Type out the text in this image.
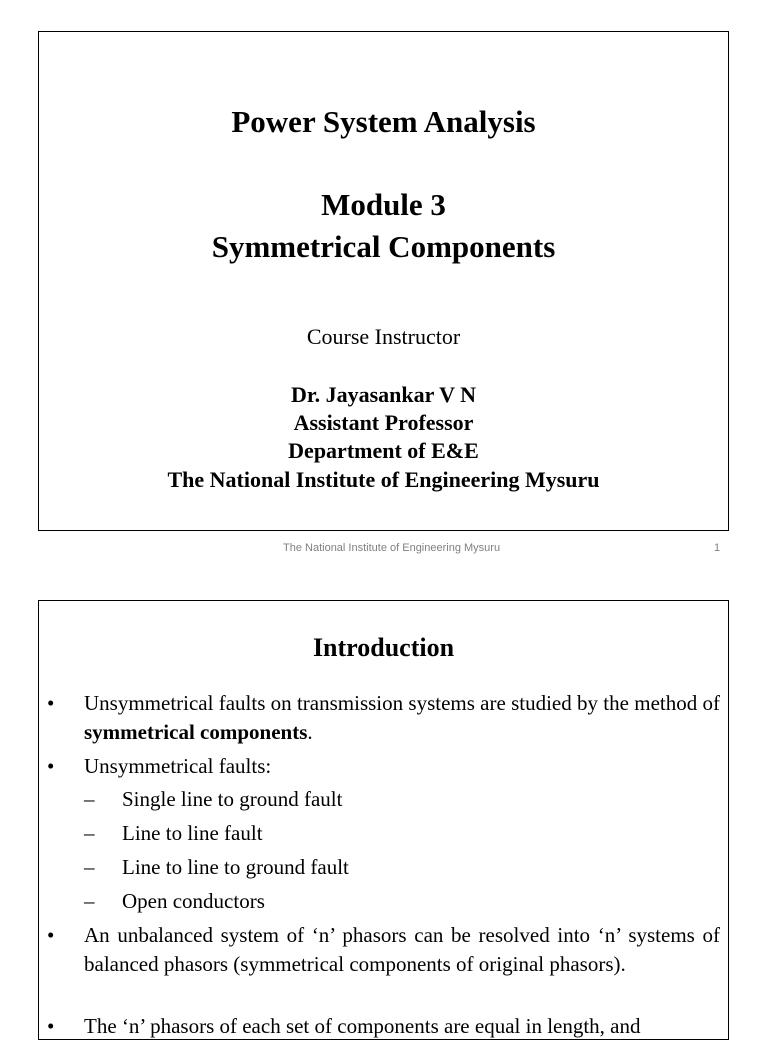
Power System Analysis
Module 3
Symmetrical Components
Course Instructor
Dr. Jayasankar V N
Assistant Professor
Department of E&E
The National Institute of Engineering Mysuru
The National Institute of Engineering Mysuru	1
Introduction
•	Unsymmetrical faults on transmission systems are studied by the method of symmetrical components.
•	Unsymmetrical faults:
– Single line to ground fault
– Line to line fault
– Line to line to ground fault
– Open conductors
•	An unbalanced system of ‘n’ phasors can be resolved into ‘n’ systems of balanced phasors (symmetrical components of original phasors).
•	The ‘n’ phasors of each set of components are equal in length, and
